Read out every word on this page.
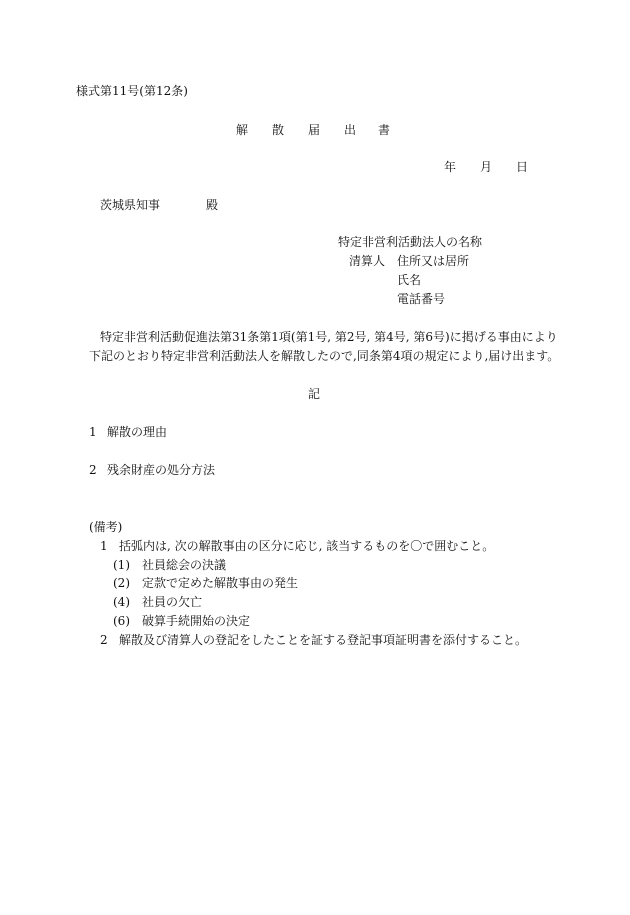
様式第11号(第12条)
解 散 届 出 書
年 月 日
茨城県知事	殿
特定非営利活動法人の名称
清算人 住所又は居所
氏名
電話番号
特定非営利活動促進法第31条第1項(第1号, 第2号, 第4号, 第6号)に掲げる事由により
下記のとおり特定非営利活動法人を解散したので,同条第4項の規定により,届け出ます。
記
1 解散の理由
2 残余財産の処分方法
(備考)
1 括弧内は, 次の解散事由の区分に応じ, 該当するものを〇で囲むこと。
(1) 社員総会の決議
(2) 定款で定めた解散事由の発生
(4) 社員の欠亡
(6) 破算手続開始の決定
2 解散及び清算人の登記をしたことを証する登記事項証明書を添付すること。
